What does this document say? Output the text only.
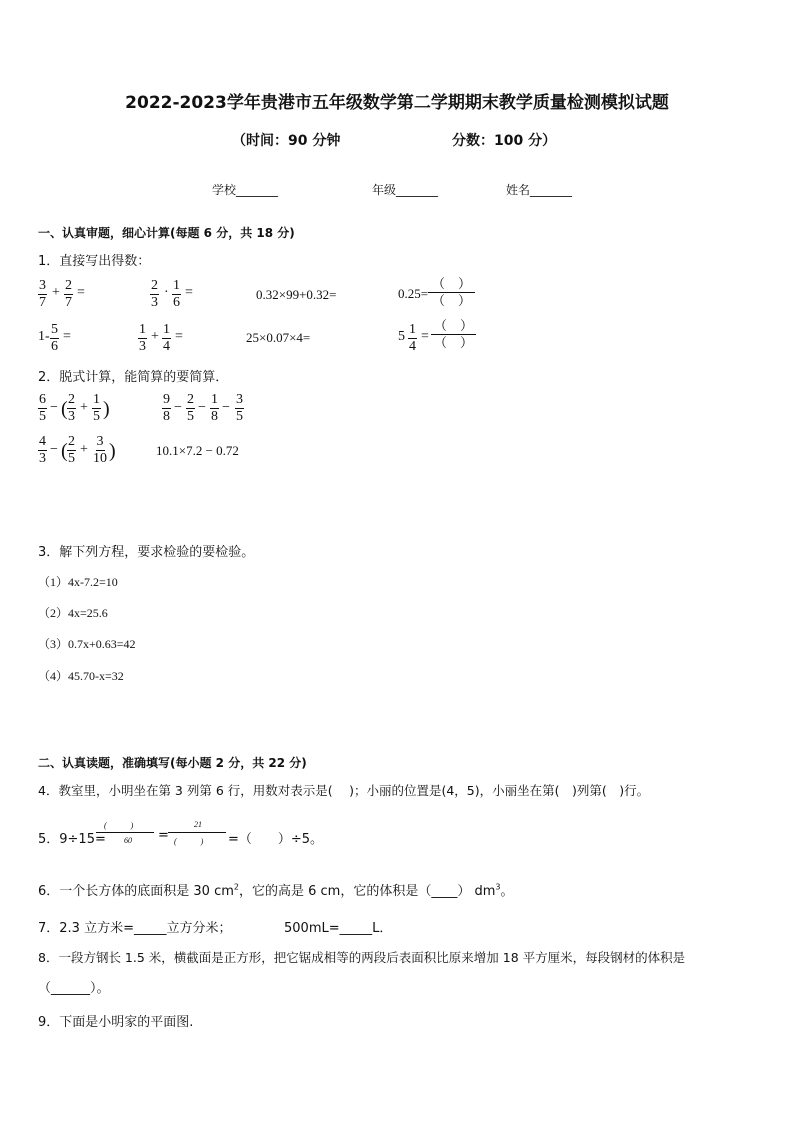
2022-2023学年贵港市五年级数学第二学期期末教学质量检测模拟试题
（时间：90 分钟	分数：100 分）
学校_______	年级_______	姓名_______
一、认真审题，细心计算(每题 6 分，共 18 分)
1．直接写出得数：
$\frac{3}{7} + \frac{2}{7}$ =	$\frac{2}{3} \cdot \frac{1}{6}$ =	0.32×99+0.32=	0.25=
（　）
（　）
$1- \frac{5}{6}$ =	$\frac{1}{3} + \frac{1}{4}$ =	25×0.07×4=	$5 \frac{1}{4}$ =
（　）
（　）
2．脱式计算，能简算的要简算．
$\frac{6}{5}$ − ( $\frac{2}{3} + \frac{1}{5}$ )	$\frac{9}{8} - \frac{2}{5} - \frac{1}{8} - \frac{3}{5}$
$\frac{4}{3}$ − ( $\frac{2}{5} + \frac{3}{10}$ )	10.1×7.2 − 0.72
3．解下列方程，要求检验的要检验。
（1）4x-7.2=10
（2）4x=25.6
（3）0.7x+0.63=42
（4）45.70-x=32
二、认真读题，准确填写(每小题 2 分，共 22 分)
4．教室里，小明坐在第 3 列第 6 行，用数对表示是(　 )；小丽的位置是(4，5)，小丽坐在第(　)列第(　)行。
5．9÷15=
(　　　)
60 =
21
(　　　) =（　　）÷5。
6．一个长方体的底面积是 30 $cm^2$，它的高是 6 cm，它的体积是（____） $dm^3$。
7．2.3 立方米=_____立方分米；	500mL=_____L．
8．一段方钢长 1.5 米，横截面是正方形，把它锯成相等的两段后表面积比原来增加 18 平方厘米，每段钢材的体积是
（______）。
9．下面是小明家的平面图.
